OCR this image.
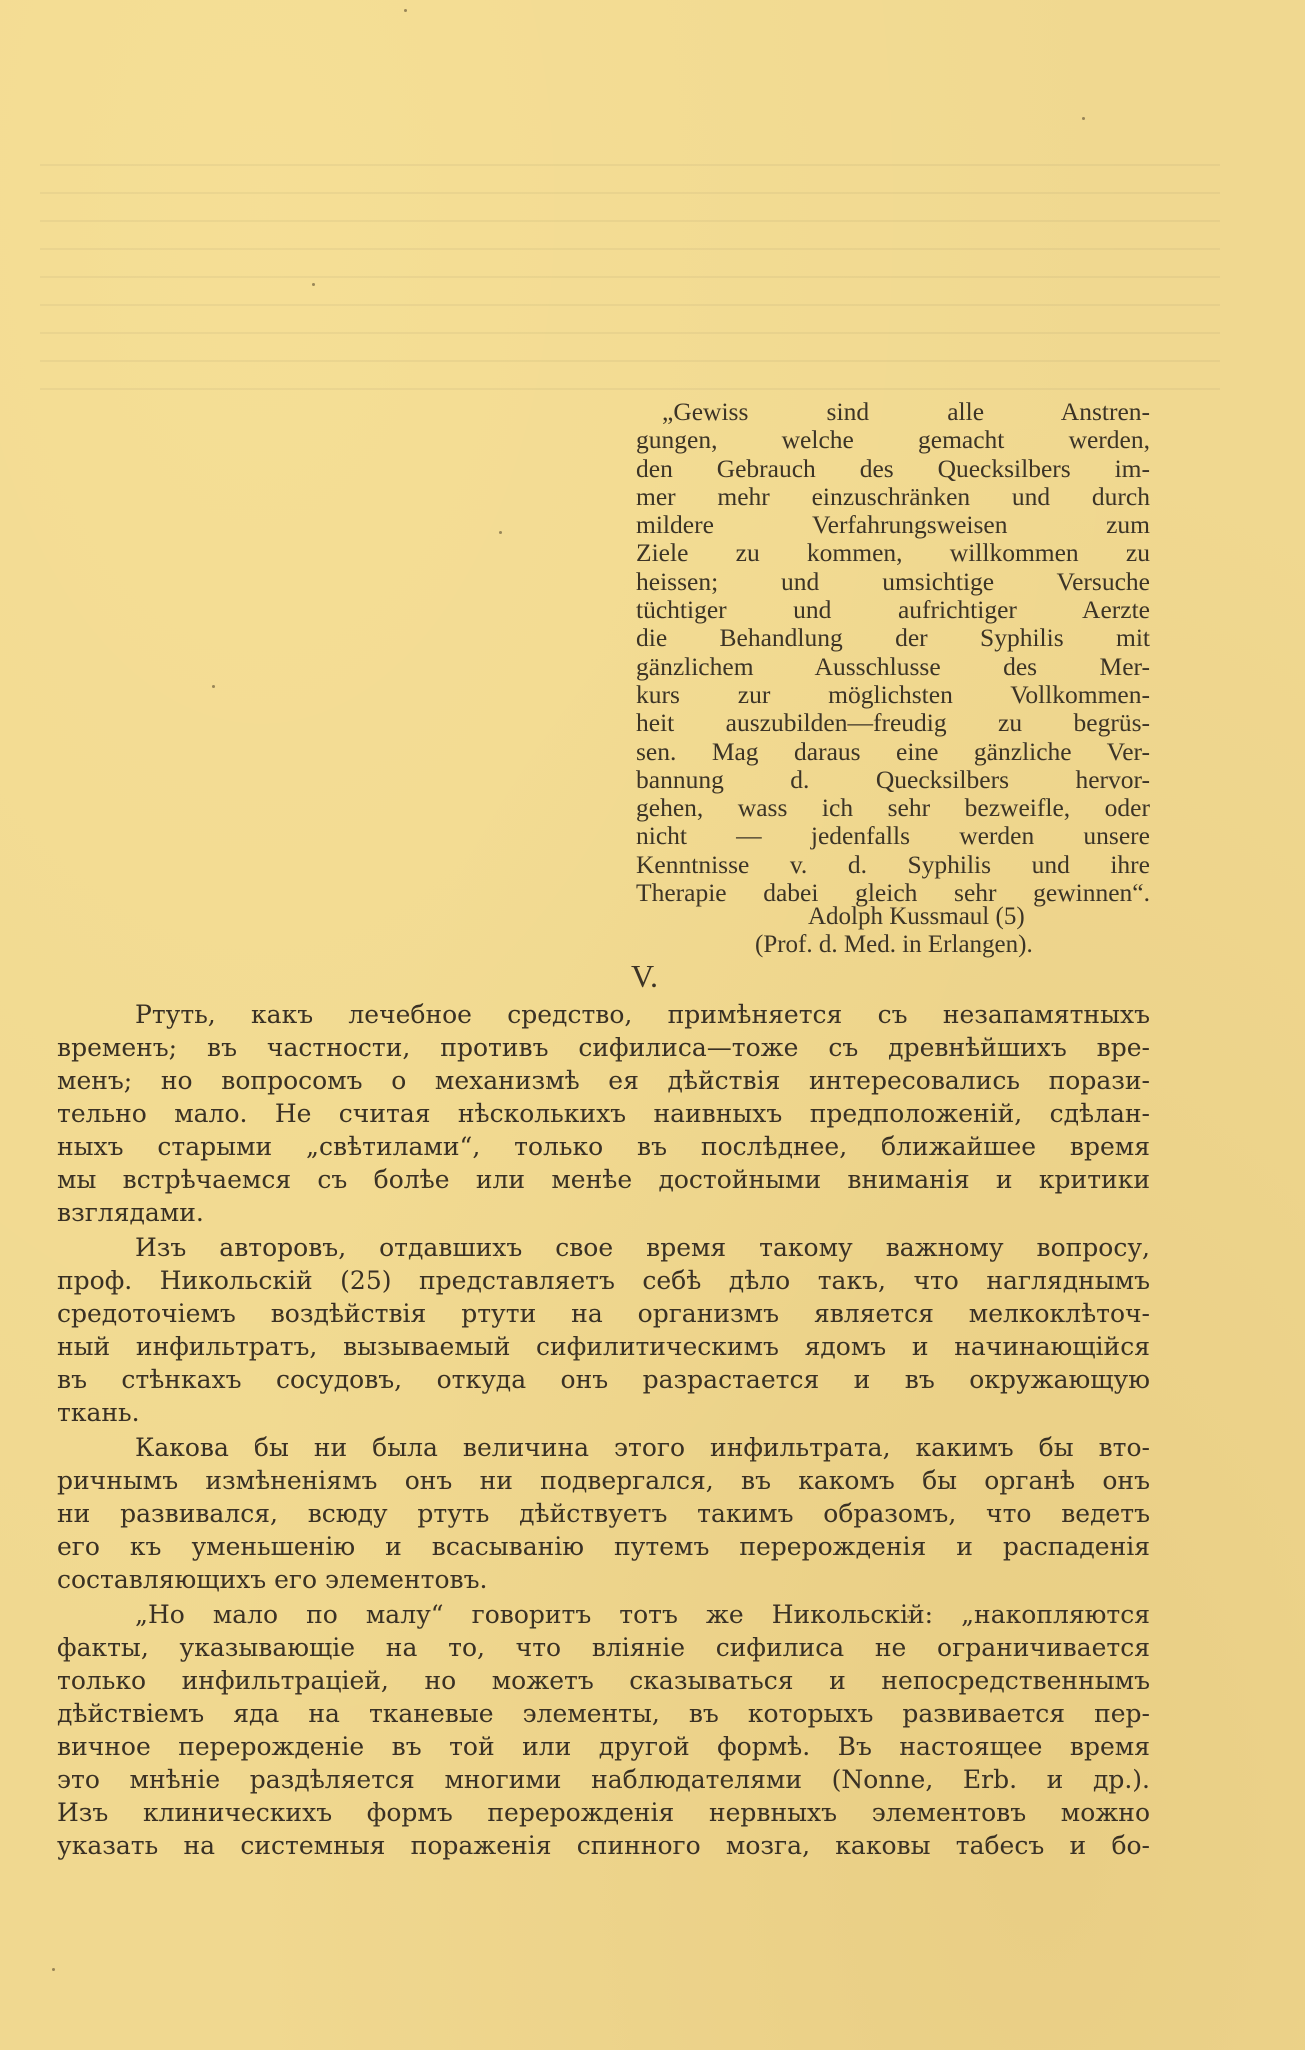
„Gewiss sind alle Anstren-
gungen, welche gemacht werden,
den Gebrauch des Quecksilbers im-
mer mehr einzuschränken und durch
mildere Verfahrungsweisen zum
Ziele zu kommen, willkommen zu
heissen; und umsichtige Versuche
tüchtiger und aufrichtiger Aerzte
die Behandlung der Syphilis mit
gänzlichem Ausschlusse des Mer-
kurs zur möglichsten Vollkommen-
heit auszubilden—freudig zu begrüs-
sen. Mag daraus eine gänzliche Ver-
bannung d. Quecksilbers hervor-
gehen, wass ich sehr bezweifle, oder
nicht — jedenfalls werden unsere
Kenntnisse v. d. Syphilis und ihre
Therapie dabei gleich sehr gewinnen“.
Adolph Kussmaul (5)
(Prof. d. Med. in Erlangen).
V.
Ртуть, какъ лечебное средство, примѣняется съ незапамятныхъ
временъ; въ частности, противъ сифилиса—тоже съ древнѣйшихъ вре-
менъ; но вопросомъ о механизмѣ ея дѣйствія интересовались порази-
тельно мало. Не считая нѣсколькихъ наивныхъ предположеній, сдѣлан-
ныхъ старыми „свѣтилами“, только въ послѣднее, ближайшее время
мы встрѣчаемся съ болѣе или менѣе достойными вниманія и критики
взглядами.
Изъ авторовъ, отдавшихъ свое время такому важному вопросу,
проф. Никольскій (25) представляетъ себѣ дѣло такъ, что нагляднымъ
средоточіемъ воздѣйствія ртути на организмъ является мелкоклѣточ-
ный инфильтратъ, вызываемый сифилитическимъ ядомъ и начинающійся
въ стѣнкахъ сосудовъ, откуда онъ разрастается и въ окружающую
ткань.
Какова бы ни была величина этого инфильтрата, какимъ бы вто-
ричнымъ измѣненіямъ онъ ни подвергался, въ какомъ бы органѣ онъ
ни развивался, всюду ртуть дѣйствуетъ такимъ образомъ, что ведетъ
его къ уменьшенію и всасыванію путемъ перерожденія и распаденія
составляющихъ его элементовъ.
„Но мало по малу“ говоритъ тотъ же Никольскій: „накопляются
факты, указывающіе на то, что вліяніе сифилиса не ограничивается
только инфильтраціей, но можетъ сказываться и непосредственнымъ
дѣйствіемъ яда на тканевые элементы, въ которыхъ развивается пер-
вичное перерожденіе въ той или другой формѣ. Въ настоящее время
это мнѣніе раздѣляется многими наблюдателями (Nonne, Erb. и др.).
Изъ клиническихъ формъ перерожденія нервныхъ элементовъ можно
указать на системныя пораженія спинного мозга, каковы табесъ и бо-
